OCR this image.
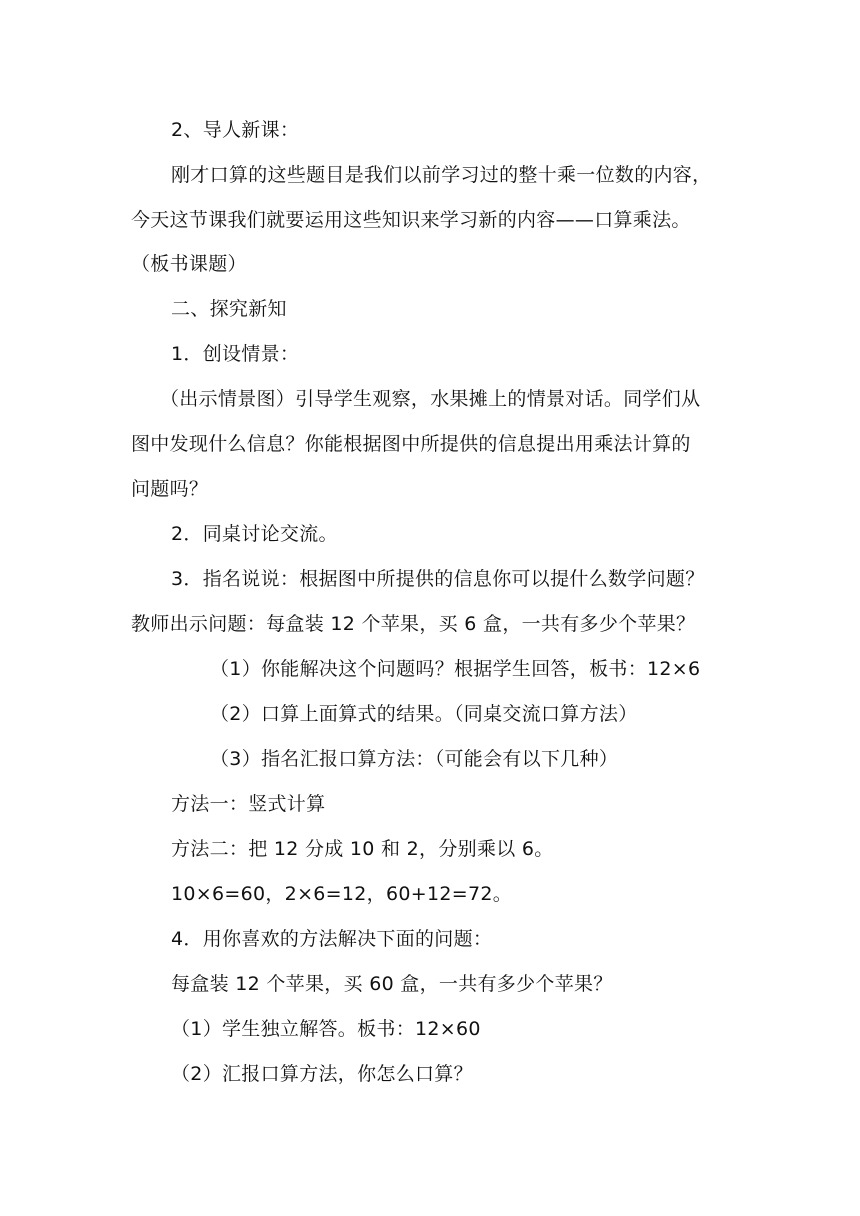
2、导人新课：
刚才口算的这些题目是我们以前学习过的整十乘一位数的内容，
今天这节课我们就要运用这些知识来学习新的内容——口算乘法。
（板书课题）
二、探究新知
1．创设情景：
（出示情景图）引导学生观察，水果摊上的情景对话。同学们从
图中发现什么信息？你能根据图中所提供的信息提出用乘法计算的
问题吗？
2．同桌讨论交流。
3．指名说说：根据图中所提供的信息你可以提什么数学问题？
教师出示问题：每盒装 12 个苹果，买 6 盒，一共有多少个苹果？
（1）你能解决这个问题吗？根据学生回答，板书：12×6
（2）口算上面算式的结果。（同桌交流口算方法）
（3）指名汇报口算方法：（可能会有以下几种）
方法一：竖式计算
方法二：把 12 分成 10 和 2，分别乘以 6。
10×6=60，2×6=12，60+12=72。
4．用你喜欢的方法解决下面的问题：
每盒装 12 个苹果，买 60 盒，一共有多少个苹果？
（1）学生独立解答。板书：12×60
（2）汇报口算方法，你怎么口算？
